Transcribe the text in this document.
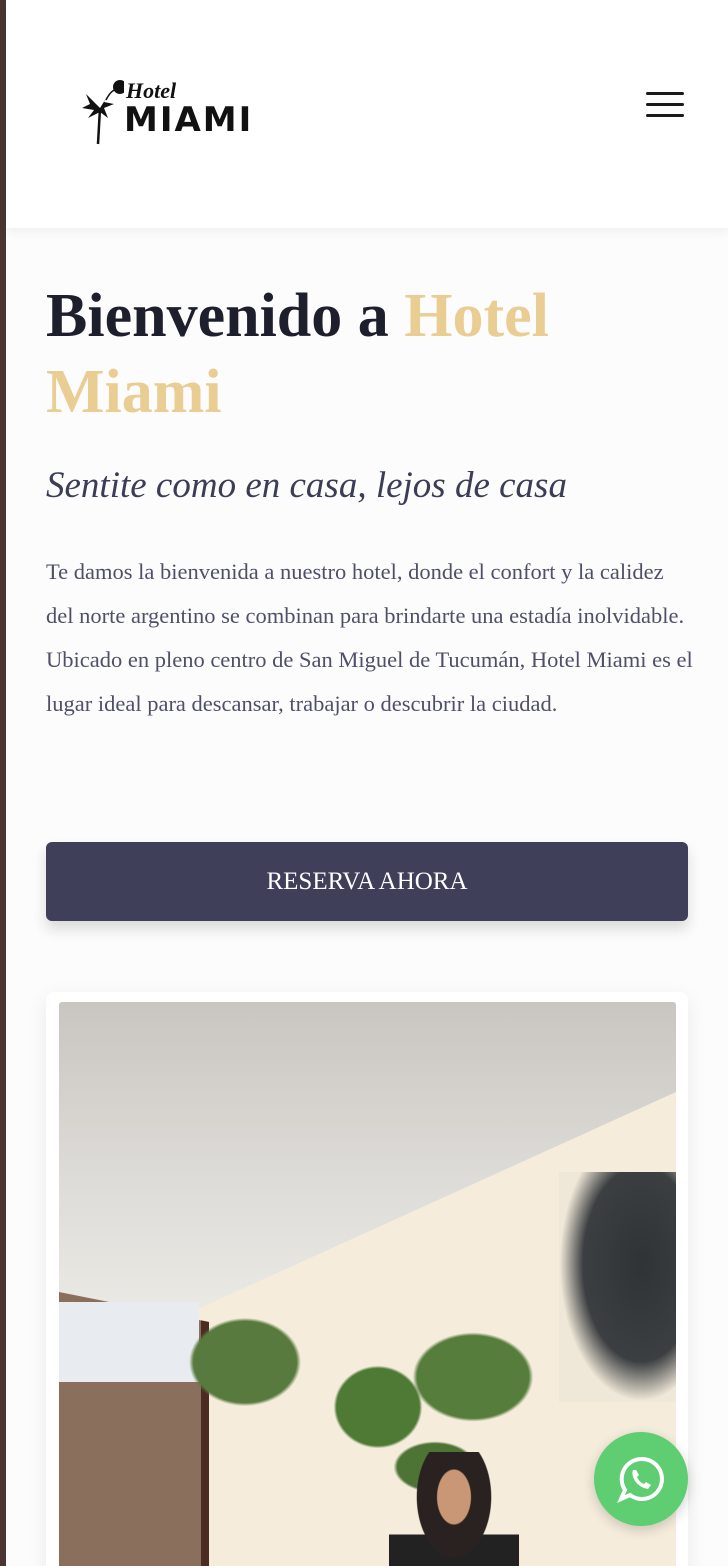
Hotel
MIAMI
Bienvenido a Hotel Miami
Sentite como en casa, lejos de casa

Te damos la bienvenida a nuestro hotel, donde el confort y la calidez del norte argentino se combinan para brindarte una estadía inolvidable. Ubicado en pleno centro de San Miguel de Tucumán, Hotel Miami es el lugar ideal para descansar, trabajar o descubrir la ciudad.

RESERVA AHORA
